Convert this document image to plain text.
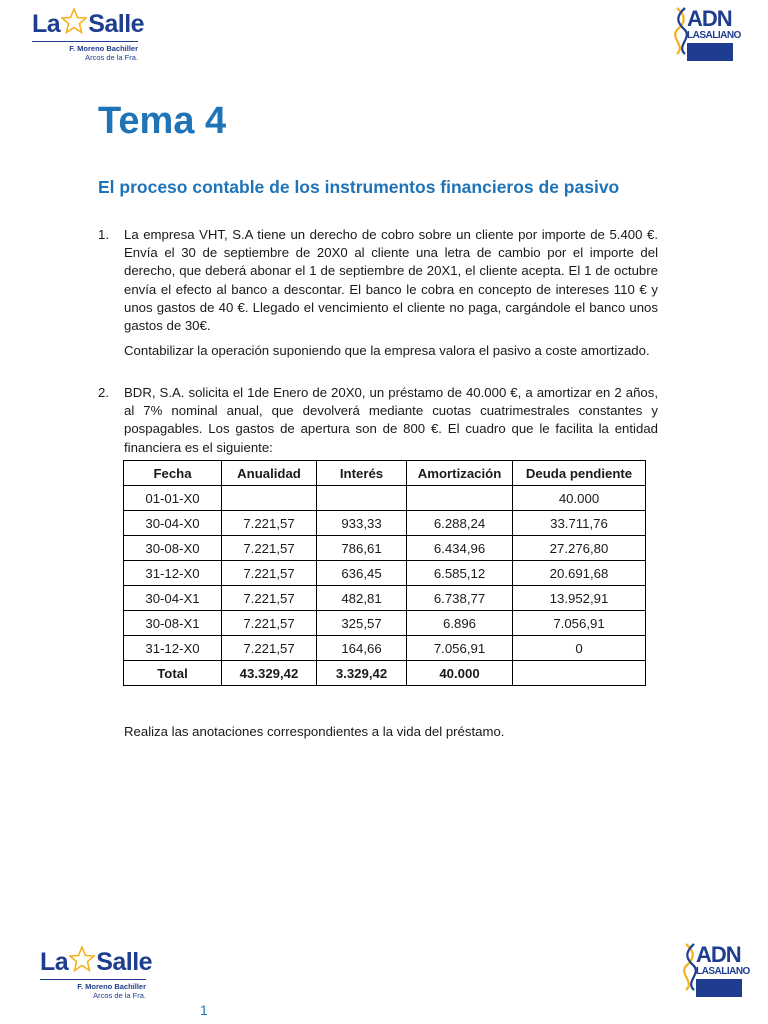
La Salle
F. Moreno Bachiller
Arcos de la Fra.
ADN
LASALIANO
Tema 4
El proceso contable de los instrumentos financieros de pasivo
1.	La empresa VHT, S.A tiene un derecho de cobro sobre un cliente por importe de 5.400 €. Envía el 30 de septiembre de 20X0 al cliente una letra de cambio por el importe del derecho, que deberá abonar el 1 de septiembre de 20X1, el cliente acepta. El 1 de octubre envía el efecto al banco a descontar. El banco le cobra en concepto de intereses 110 € y unos gastos de 40 €. Llegado el vencimiento el cliente no paga, cargándole el banco unos gastos de 30€.
Contabilizar la operación suponiendo que la empresa valora el pasivo a coste amortizado.
2.	BDR, S.A. solicita el 1de Enero de 20X0, un préstamo de 40.000 €, a amortizar en 2 años, al 7% nominal anual, que devolverá mediante cuotas cuatrimestrales constantes y pospagables. Los gastos de apertura son de 800 €. El cuadro que le facilita la entidad financiera es el siguiente:
Fecha	Anualidad	Interés	Amortización	Deuda pendiente
01-01-X0				40.000
30-04-X0	7.221,57	933,33	6.288,24	33.711,76
30-08-X0	7.221,57	786,61	6.434,96	27.276,80
31-12-X0	7.221,57	636,45	6.585,12	20.691,68
30-04-X1	7.221,57	482,81	6.738,77	13.952,91
30-08-X1	7.221,57	325,57	6.896	7.056,91
31-12-X0	7.221,57	164,66	7.056,91	0
Total	43.329,42	3.329,42	40.000	
Realiza las anotaciones correspondientes a la vida del préstamo.
La Salle
F. Moreno Bachiller
Arcos de la Fra.
ADN
LASALIANO
1
